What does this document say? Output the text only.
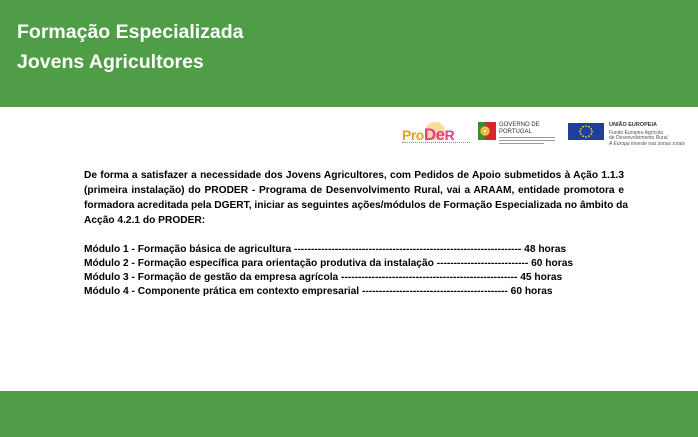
Formação Especializada
Jovens Agricultores
ProDeR
GOVERNO DE
PORTUGAL
UNIÃO EUROPEIA
Fundo Europeu Agrícola
de Desenvolvimento Rural
A Europa investe nas zonas rurais
De forma a satisfazer a necessidade dos Jovens Agricultores, com Pedidos de Apoio submetidos à Ação 1.1.3
(primeira instalação) do PRODER - Programa de Desenvolvimento Rural, vai a ARAAM, entidade promotora e
formadora acreditada pela DGERT, iniciar as seguintes ações/módulos de Formação Especializada no âmbito da
Acção 4.2.1 do PRODER:
Módulo 1 - Formação básica de agricultura ------------------------------------------------------------------- 48 horas
Módulo 2 - Formação específica para orientação produtiva da instalação --------------------------- 60 horas
Módulo 3 - Formação de gestão da empresa agrícola ---------------------------------------------------- 45 horas
Módulo 4 - Componente prática em contexto empresarial ------------------------------------------- 60 horas
